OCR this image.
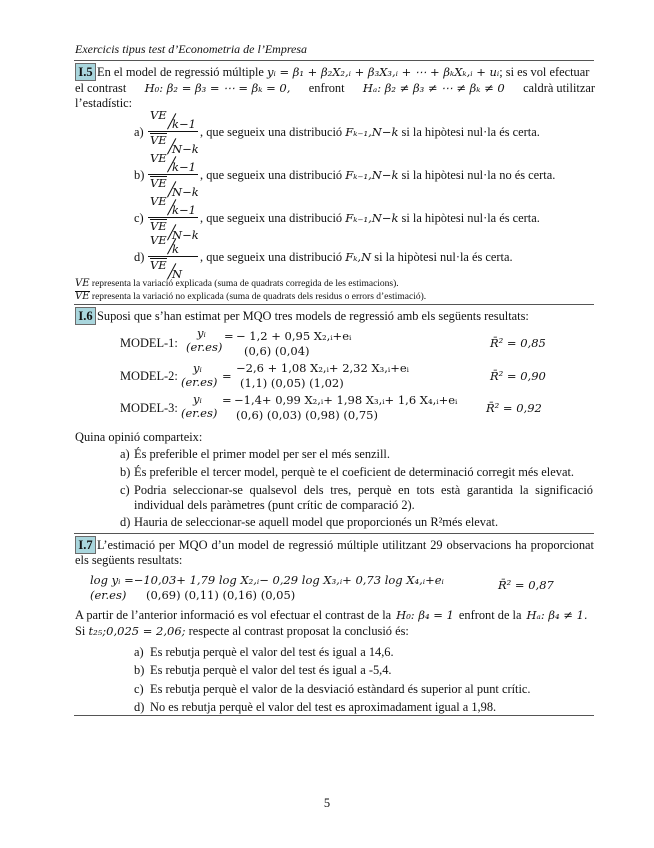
Exercicis tipus test d’Econometria de l’Empresa
I.5 En el model de regressió múltiple yᵢ = β₁ + β₂X₂,ᵢ + β₃X₃,ᵢ + ⋯ + βₖXₖ,ᵢ + uᵢ; si es vol efectuar
el contrast H₀: β₂ = β₃ = ⋯ = βₖ = 0, enfront Hₐ: β₂ ≠ β₃ ≠ ⋯ ≠ βₖ ≠ 0 caldrà utilitzar
l’estadístic:
a)
VE
k−1
VE
N−k
, que segueix una distribució Fₖ₋₁,N−k si la hipòtesi nul·la és certa.
b)
VE
k−1
VE
N−k
, que segueix una distribució Fₖ₋₁,N−k si la hipòtesi nul·la no és certa.
c)
VE
k−1
VE
N−k
, que segueix una distribució Fₖ₋₁,N−k si la hipòtesi nul·la és certa.
d)
VE
k
VE
N
, que segueix una distribució Fₖ,N si la hipòtesi nul·la és certa.
VE representa la variació explicada (suma de quadrats corregida de les estimacions).
VE representa la variació no explicada (suma de quadrats dels residus o errors d’estimació).
I.6 Suposi que s’han estimat per MQO tres models de regressió amb els següents resultats:
MODEL-1:
yᵢ
(er.es)
= − 1,2 + 0,95 X₂,ᵢ+eᵢ
(0,6) (0,04)
R̄² = 0,85
MODEL-2:
yᵢ
(er.es) =
−2,6 + 1,08 X₂,ᵢ+ 2,32 X₃,ᵢ+eᵢ
(1,1) (0,05) (1,02)	R̄² = 0,90
MODEL-3:
yᵢ
(er.es)
= −1,4+ 0,99 X₂,ᵢ+ 1,98 X₃,ᵢ+ 1,6 X₄,ᵢ+eᵢ
(0,6) (0,03) (0,98) (0,75)	R̄² = 0,92
Quina opinió comparteix:
a) És preferible el primer model per ser el més senzill.
b) És preferible el tercer model, perquè te el coeficient de determinació corregit més elevat.
c) Podria seleccionar-se qualsevol dels tres, perquè en tots està garantida la significació
individual dels paràmetres (punt crític de comparació 2).
d) Hauria de seleccionar-se aquell model que proporcionés un R²més elevat.
I.7 L’estimació per MQO d’un model de regressió múltiple utilitzant 29 observacions ha proporcionat
els següents resultats:
log yᵢ =−10,03+ 1,79 log X₂,ᵢ− 0,29 log X₃,ᵢ+ 0,73 log X₄,ᵢ+eᵢ
(er.es) (0,69) (0,11) (0,16) (0,05)
R̄² = 0,87
A partir de l’anterior informació es vol efectuar el contrast de la H₀: β₄ = 1 enfront de la Hₐ: β₄ ≠ 1.
Si t₂₅;0,025 = 2,06; respecte al contrast proposat la conclusió és:
a) Es rebutja perquè el valor del test és igual a 14,6.
b) Es rebutja perquè el valor del test és igual a -5,4.
c) Es rebutja perquè el valor de la desviació estàndard és superior al punt crític.
d) No es rebutja perquè el valor del test es aproximadament igual a 1,98.
5
